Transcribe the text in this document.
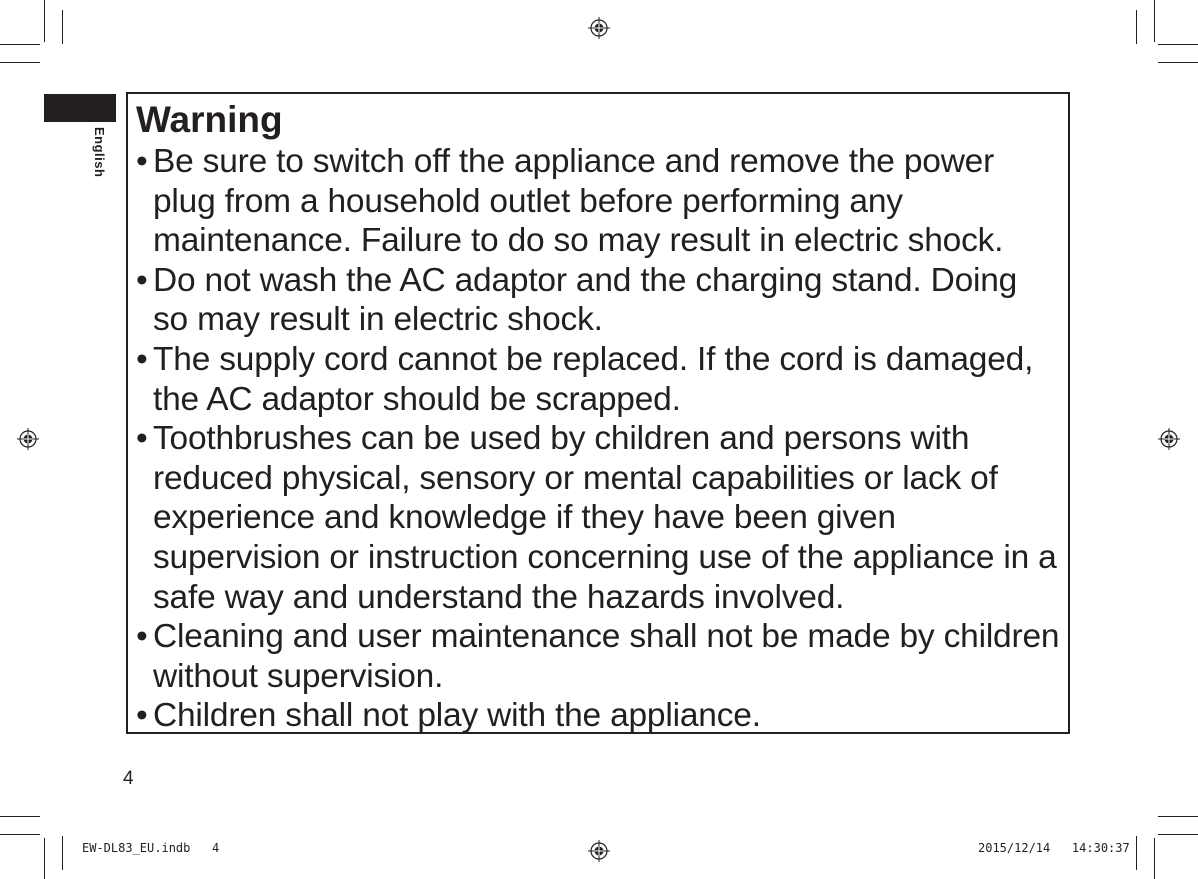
English
Warning
• Be sure to switch off the appliance and remove the power plug from a household outlet before performing any maintenance. Failure to do so may result in electric shock.
• Do not wash the AC adaptor and the charging stand. Doing so may result in electric shock.
• The supply cord cannot be replaced. If the cord is damaged, the AC adaptor should be scrapped.
• Toothbrushes can be used by children and persons with reduced physical, sensory or mental capabilities or lack of experience and knowledge if they have been given supervision or instruction concerning use of the appliance in a safe way and understand the hazards involved.
• Cleaning and user maintenance shall not be made by children without supervision.
• Children shall not play with the appliance.
4
EW-DL83_EU.indb   4	2015/12/14   14:30:37
